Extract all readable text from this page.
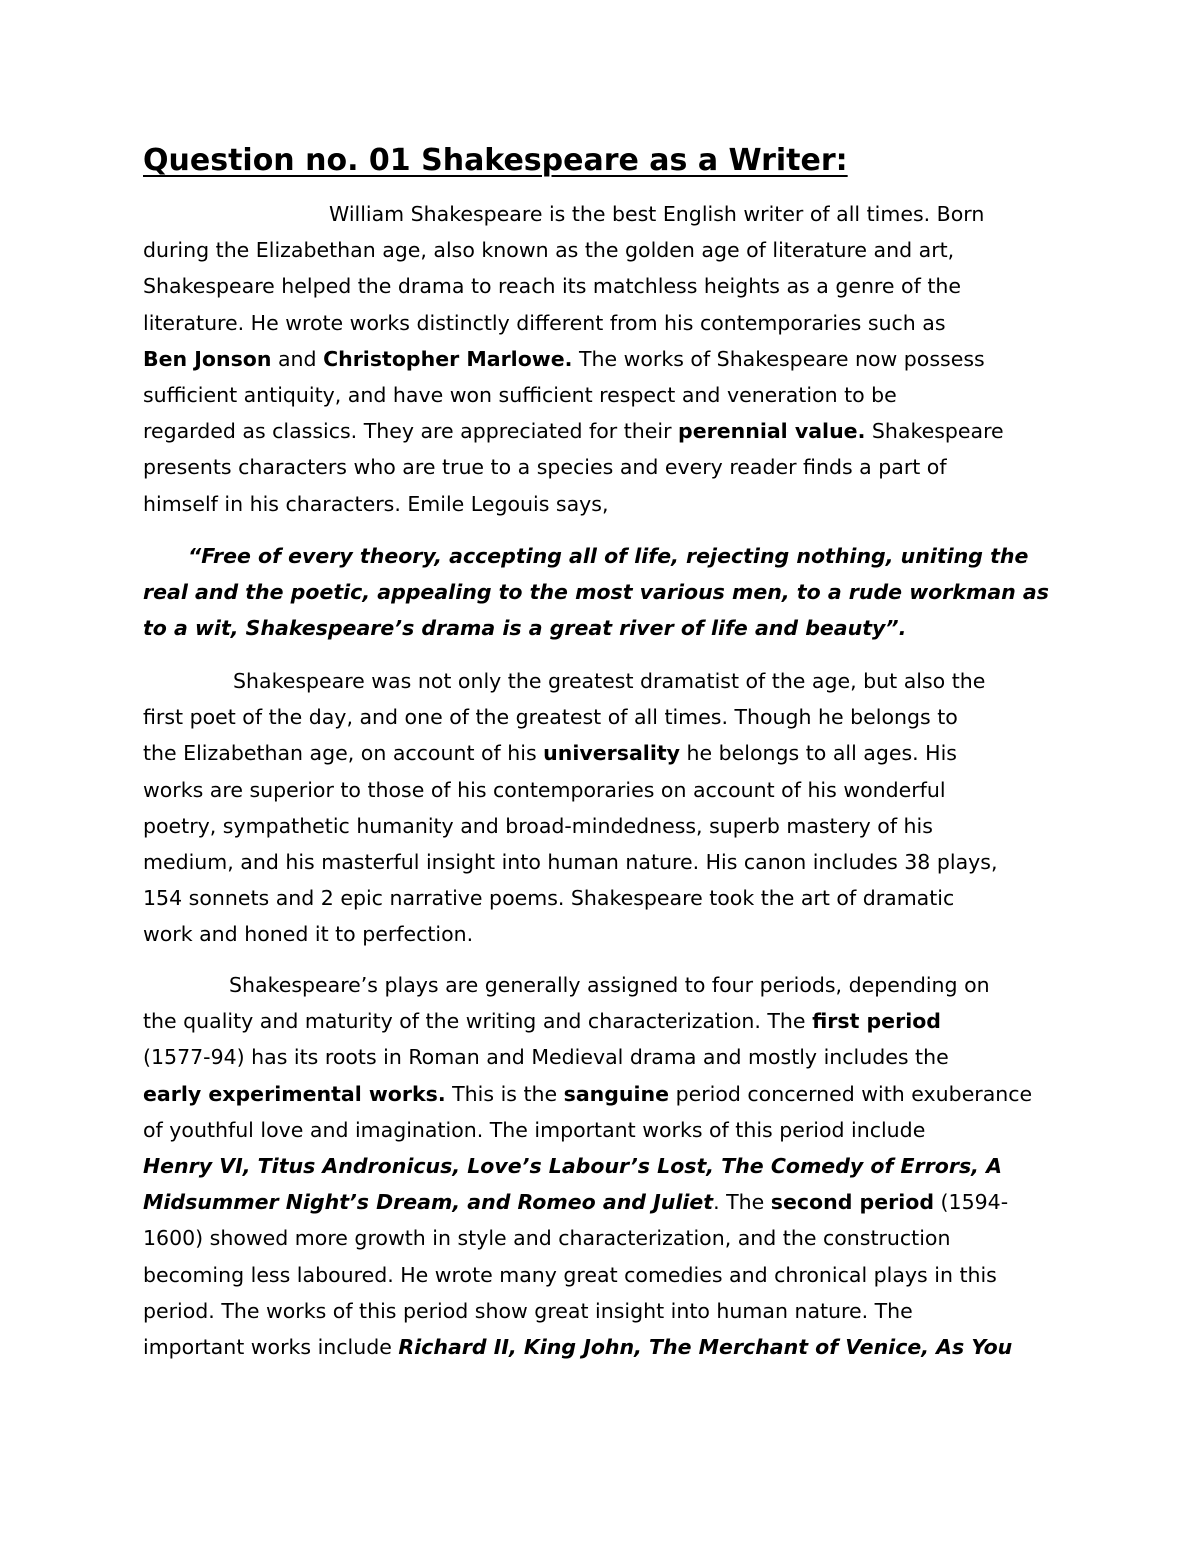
Question no. 01 Shakespeare as a Writer:
William Shakespeare is the best English writer of all times. Born
during the Elizabethan age, also known as the golden age of literature and art,
Shakespeare helped the drama to reach its matchless heights as a genre of the
literature. He wrote works distinctly different from his contemporaries such as
Ben Jonson and Christopher Marlowe. The works of Shakespeare now possess
sufficient antiquity, and have won sufficient respect and veneration to be
regarded as classics. They are appreciated for their perennial value. Shakespeare
presents characters who are true to a species and every reader finds a part of
himself in his characters. Emile Legouis says,
“Free of every theory, accepting all of life, rejecting nothing, uniting the
real and the poetic, appealing to the most various men, to a rude workman as
to a wit, Shakespeare’s drama is a great river of life and beauty”.
Shakespeare was not only the greatest dramatist of the age, but also the
first poet of the day, and one of the greatest of all times. Though he belongs to
the Elizabethan age, on account of his universality he belongs to all ages. His
works are superior to those of his contemporaries on account of his wonderful
poetry, sympathetic humanity and broad-mindedness, superb mastery of his
medium, and his masterful insight into human nature. His canon includes 38 plays,
154 sonnets and 2 epic narrative poems. Shakespeare took the art of dramatic
work and honed it to perfection.
Shakespeare’s plays are generally assigned to four periods, depending on
the quality and maturity of the writing and characterization. The first period
(1577-94) has its roots in Roman and Medieval drama and mostly includes the
early experimental works. This is the sanguine period concerned with exuberance
of youthful love and imagination. The important works of this period include
Henry VI, Titus Andronicus, Love’s Labour’s Lost, The Comedy of Errors, A
Midsummer Night’s Dream, and Romeo and Juliet. The second period (1594-
1600) showed more growth in style and characterization, and the construction
becoming less laboured. He wrote many great comedies and chronical plays in this
period. The works of this period show great insight into human nature. The
important works include Richard II, King John, The Merchant of Venice, As You
